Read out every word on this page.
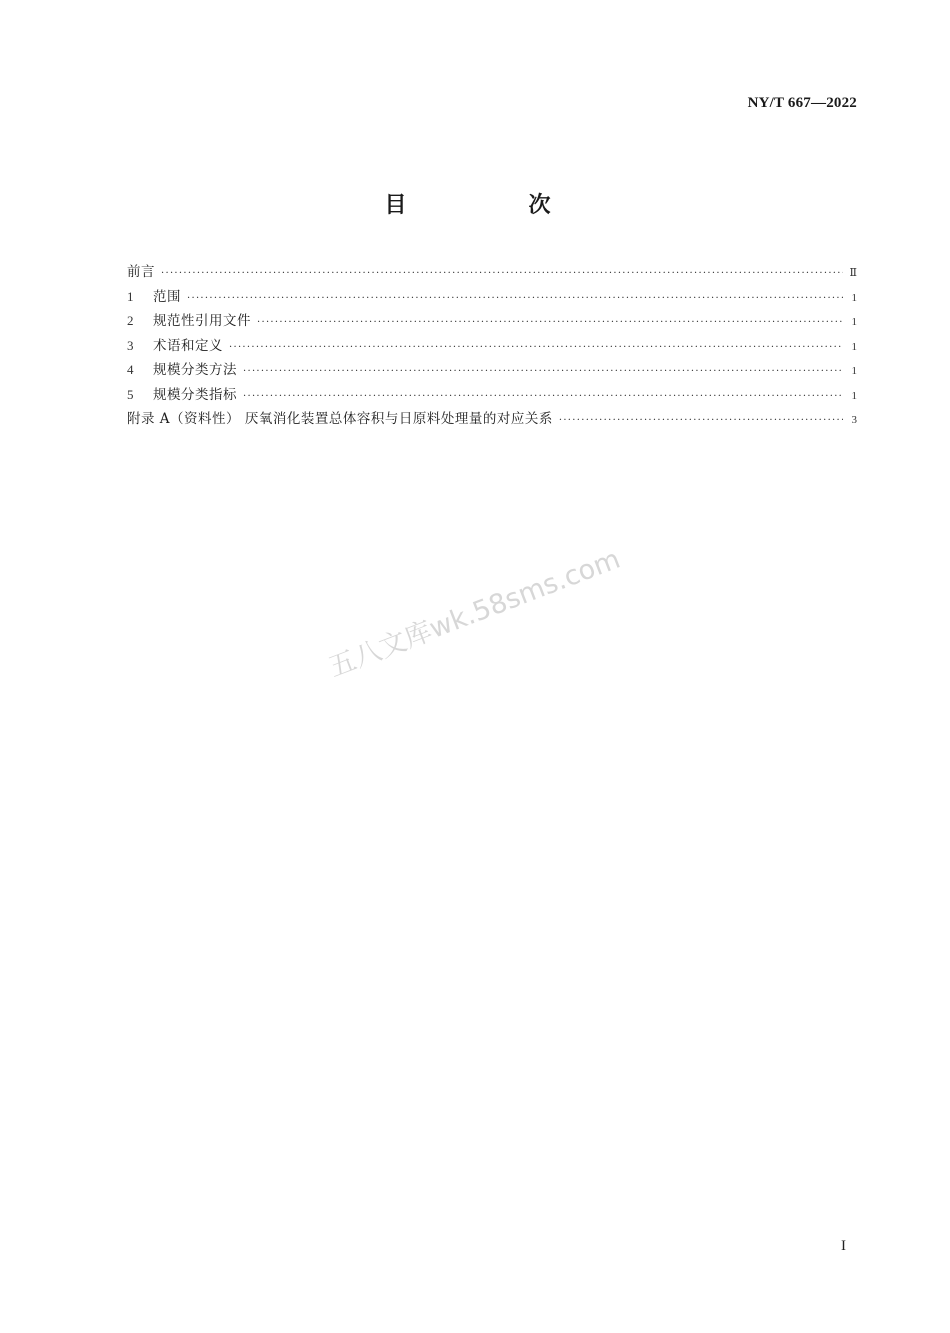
NY/T 667—2022
目　次
前言 ·····	Ⅱ
1	范围 ·····	1
2	规范性引用文件 ·····	1
3	术语和定义 ·····	1
4	规模分类方法 ·····	1
5	规模分类指标 ·····	1
附录 A（资料性） 厌氧消化装置总体容积与日原料处理量的对应关系 ·····	3
五八文库wk.58sms.com
I
